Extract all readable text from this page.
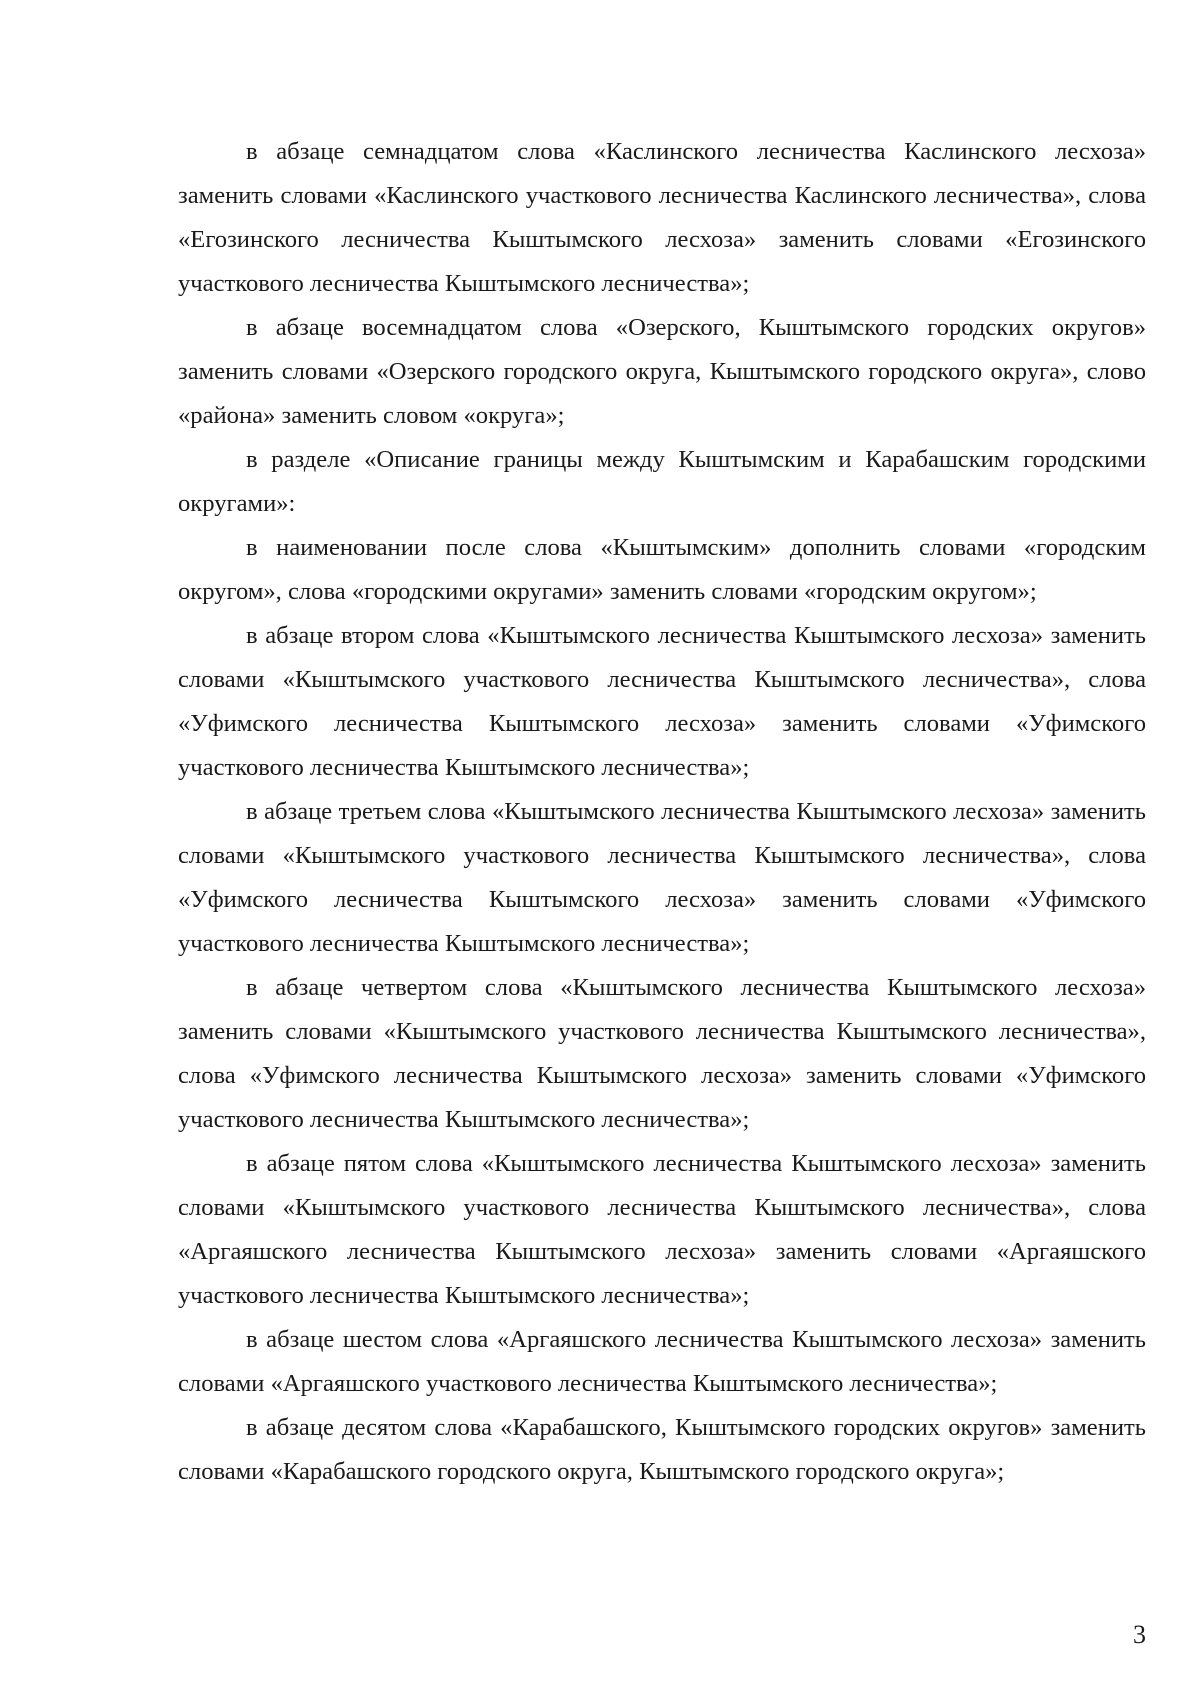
в абзаце семнадцатом слова «Каслинского лесничества Каслинского лесхоза» заменить словами «Каслинского участкового лесничества Каслинского лесничества», слова «Егозинского лесничества Кыштымского лесхоза» заменить словами «Егозинского участкового лесничества Кыштымского лесничества»;

в абзаце восемнадцатом слова «Озерского, Кыштымского городских округов» заменить словами «Озерского городского округа, Кыштымского городского округа», слово «района» заменить словом «округа»;

в разделе «Описание границы между Кыштымским и Карабашским городскими округами»:

в наименовании после слова «Кыштымским» дополнить словами «городским округом», слова «городскими округами» заменить словами «городским округом»;

в абзаце втором слова «Кыштымского лесничества Кыштымского лесхоза» заменить словами «Кыштымского участкового лесничества Кыштымского лесничества», слова «Уфимского лесничества Кыштымского лесхоза» заменить словами «Уфимского участкового лесничества Кыштымского лесничества»;

в абзаце третьем слова «Кыштымского лесничества Кыштымского лесхоза» заменить словами «Кыштымского участкового лесничества Кыштымского лесничества», слова «Уфимского лесничества Кыштымского лесхоза» заменить словами «Уфимского участкового лесничества Кыштымского лесничества»;

в абзаце четвертом слова «Кыштымского лесничества Кыштымского лесхоза» заменить словами «Кыштымского участкового лесничества Кыштымского лесничества», слова «Уфимского лесничества Кыштымского лесхоза» заменить словами «Уфимского участкового лесничества Кыштымского лесничества»;

в абзаце пятом слова «Кыштымского лесничества Кыштымского лесхоза» заменить словами «Кыштымского участкового лесничества Кыштымского лесничества», слова «Аргаяшского лесничества Кыштымского лесхоза» заменить словами «Аргаяшского участкового лесничества Кыштымского лесничества»;

в абзаце шестом слова «Аргаяшского лесничества Кыштымского лесхоза» заменить словами «Аргаяшского участкового лесничества Кыштымского лесничества»;

в абзаце десятом слова «Карабашского, Кыштымского городских округов» заменить словами «Карабашского городского округа, Кыштымского городского округа»;

3
